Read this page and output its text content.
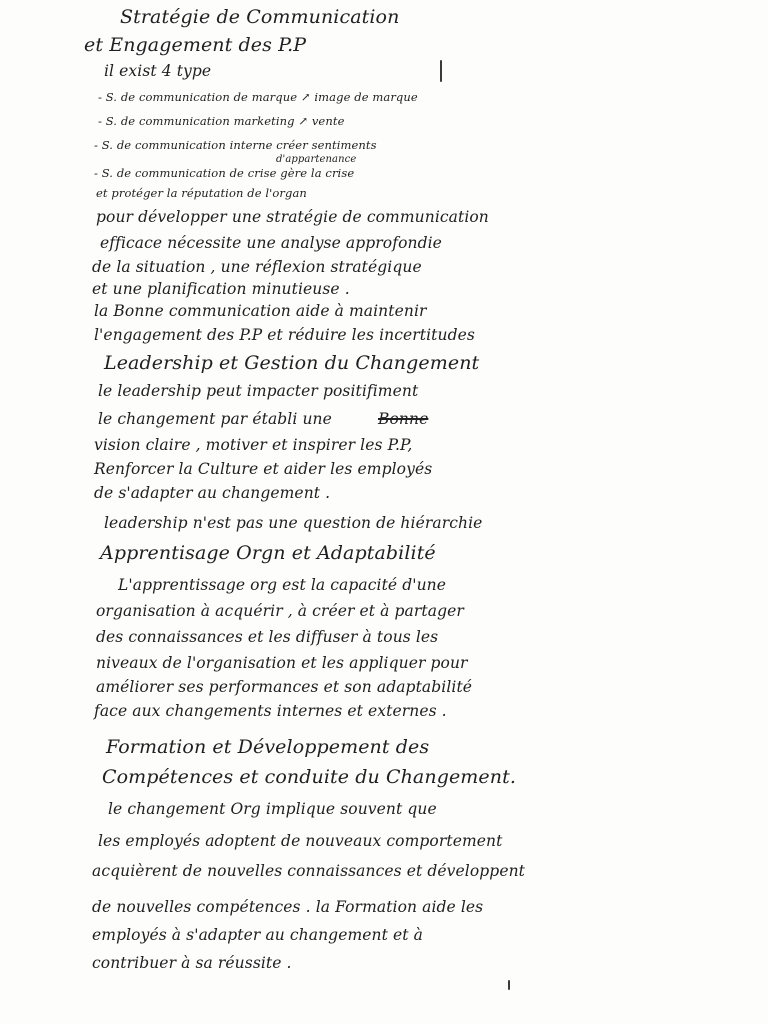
Stratégie de Communication
et Engagement des P.P
il exist 4 type
- S. de communication de marque ↗ image de marque
- S. de communication marketing ↗ vente
- S. de communication interne créer sentiments
d'appartenance
- S. de communication de crise gère la crise
et protéger la réputation de l'organ
pour développer une stratégie de communication
efficace nécessite une analyse approfondie
de la situation , une réflexion stratégique
et une planification minutieuse .
la Bonne communication aide à maintenir
l'engagement des P.P et réduire les incertitudes
Leadership et Gestion du Changement
le leadership peut impacter positifiment
le changement par établi une	Bonne
vision claire , motiver et inspirer les P.P,
Renforcer la Culture et aider les employés
de s'adapter au changement .
leadership n'est pas une question de hiérarchie
Apprentisage Orgn et Adaptabilité
L'apprentissage org est la capacité d'une
organisation à acquérir , à créer et à partager
des connaissances et les diffuser à tous les
niveaux de l'organisation et les appliquer pour
améliorer ses performances et son adaptabilité
face aux changements internes et externes .
Formation et Développement des
Compétences et conduite du Changement.
le changement Org implique souvent que
les employés adoptent de nouveaux comportement
acquièrent de nouvelles connaissances et développent
de nouvelles compétences . la Formation aide les
employés à s'adapter au changement et à
contribuer à sa réussite .
